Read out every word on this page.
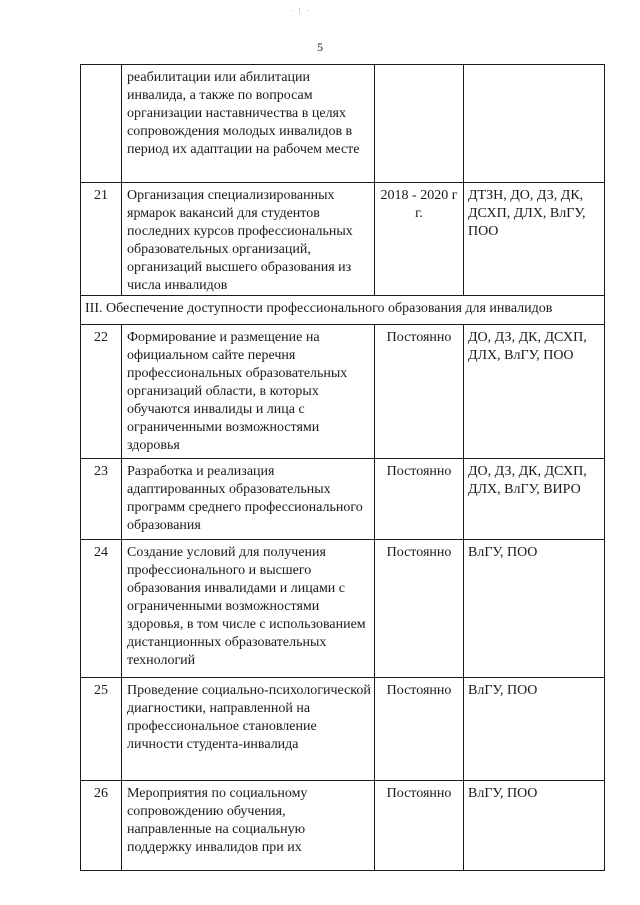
· ⋮ ·
5
	реабилитации или абилитации инвалида, а также по вопросам организации наставничества в целях сопровождения молодых инвалидов в период их адаптации на рабочем месте		
21	Организация специализированных ярмарок вакансий для студентов последних курсов профессиональных образовательных организаций, организаций высшего образования из числа инвалидов	2018 - 2020 г г.	ДТЗН, ДО, ДЗ, ДК, ДСХП, ДЛХ, ВлГУ, ПОО
III. Обеспечение доступности профессионального образования для инвалидов			
22	Формирование и размещение на официальном сайте перечня профессиональных образовательных организаций области, в которых обучаются инвалиды и лица с ограниченными возможностями здоровья	Постоянно	ДО, ДЗ, ДК, ДСХП, ДЛХ, ВлГУ, ПОО
23	Разработка и реализация адаптированных образовательных программ среднего профессионального образования	Постоянно	ДО, ДЗ, ДК, ДСХП, ДЛХ, ВлГУ, ВИРО
24	Создание условий для получения профессионального и высшего образования инвалидами и лицами с ограниченными возможностями здоровья, в том числе с использованием дистанционных образовательных технологий	Постоянно	ВлГУ, ПОО
25	Проведение социально-психологической диагностики, направленной на профессиональное становление личности студента-инвалида	Постоянно	ВлГУ, ПОО
26	Мероприятия по социальному сопровождению обучения, направленные на социальную поддержку инвалидов при их	Постоянно	ВлГУ, ПОО
